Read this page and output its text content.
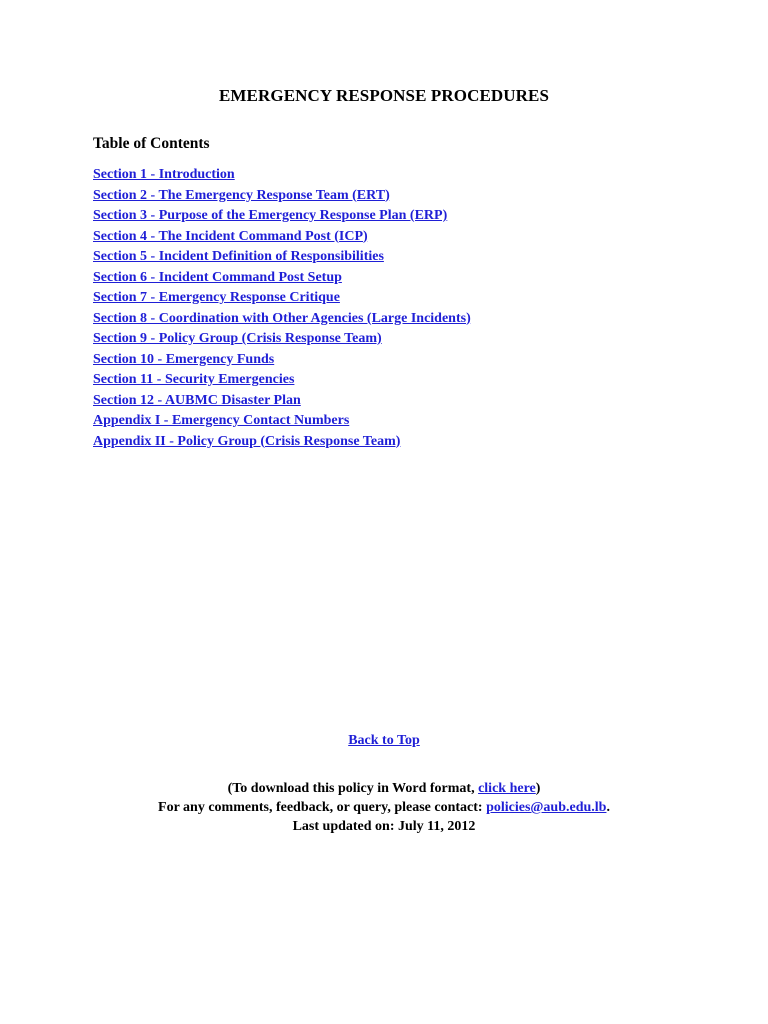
EMERGENCY RESPONSE PROCEDURES
Table of Contents
Section 1 - Introduction
Section 2 - The Emergency Response Team (ERT)
Section 3 - Purpose of the Emergency Response Plan (ERP)
Section 4 - The Incident Command Post (ICP)
Section 5 - Incident Definition of Responsibilities
Section 6 - Incident Command Post Setup
Section 7 - Emergency Response Critique
Section 8 - Coordination with Other Agencies (Large Incidents)
Section 9 - Policy Group (Crisis Response Team)
Section 10 - Emergency Funds
Section 11 - Security Emergencies
Section 12 - AUBMC Disaster Plan
Appendix I - Emergency Contact Numbers
Appendix II - Policy Group (Crisis Response Team)
Back to Top
(To download this policy in Word format, click here)
For any comments, feedback, or query, please contact: policies@aub.edu.lb.
Last updated on: July 11, 2012
